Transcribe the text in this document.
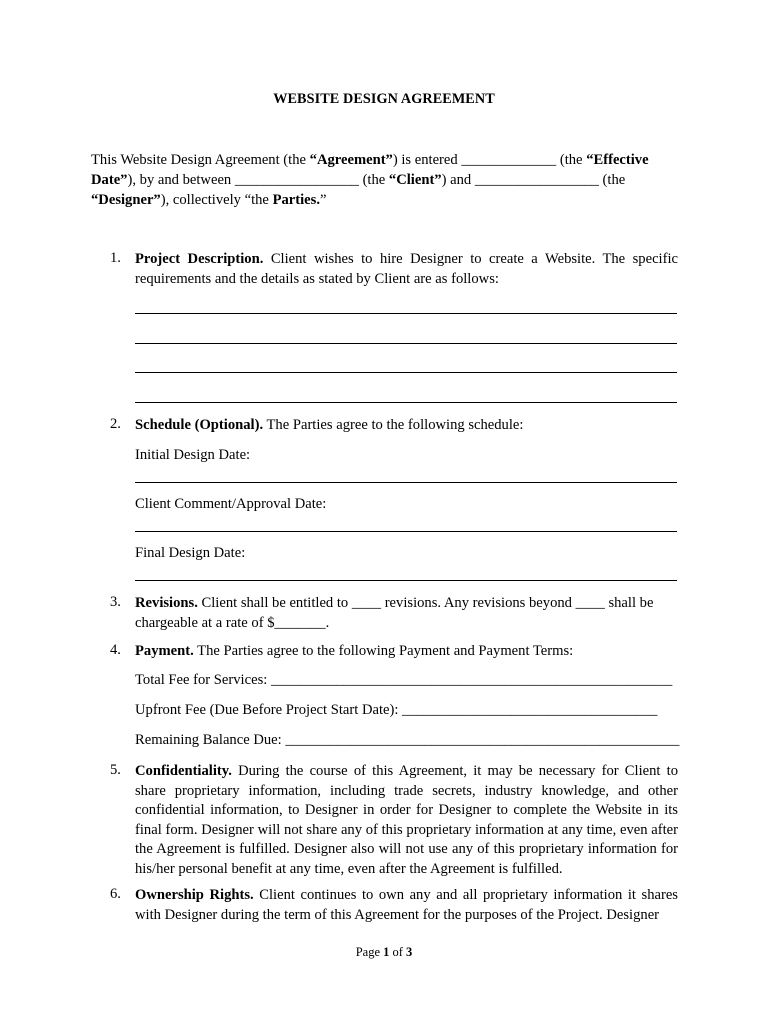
WEBSITE DESIGN AGREEMENT
This Website Design Agreement (the “Agreement”) is entered _____________ (the “Effective
Date”), by and between _________________ (the “Client”) and _________________ (the
“Designer”), collectively “the Parties.”
1. Project Description. Client wishes to hire Designer to create a Website. The specific requirements and the details as stated by Client are as follows:
2. Schedule (Optional). The Parties agree to the following schedule:
Initial Design Date:
Client Comment/Approval Date:
Final Design Date:
3. Revisions. Client shall be entitled to ____ revisions. Any revisions beyond ____ shall be
chargeable at a rate of $_______.
4. Payment. The Parties agree to the following Payment and Payment Terms:
Total Fee for Services: _______________________________________________________
Upfront Fee (Due Before Project Start Date): ___________________________________
Remaining Balance Due: ______________________________________________________
5. Confidentiality. During the course of this Agreement, it may be necessary for Client to share proprietary information, including trade secrets, industry knowledge, and other confidential information, to Designer in order for Designer to complete the Website in its final form. Designer will not share any of this proprietary information at any time, even after the Agreement is fulfilled. Designer also will not use any of this proprietary information for his/her personal benefit at any time, even after the Agreement is fulfilled.
6. Ownership Rights. Client continues to own any and all proprietary information it shares with Designer during the term of this Agreement for the purposes of the Project. Designer
Page 1 of 3
